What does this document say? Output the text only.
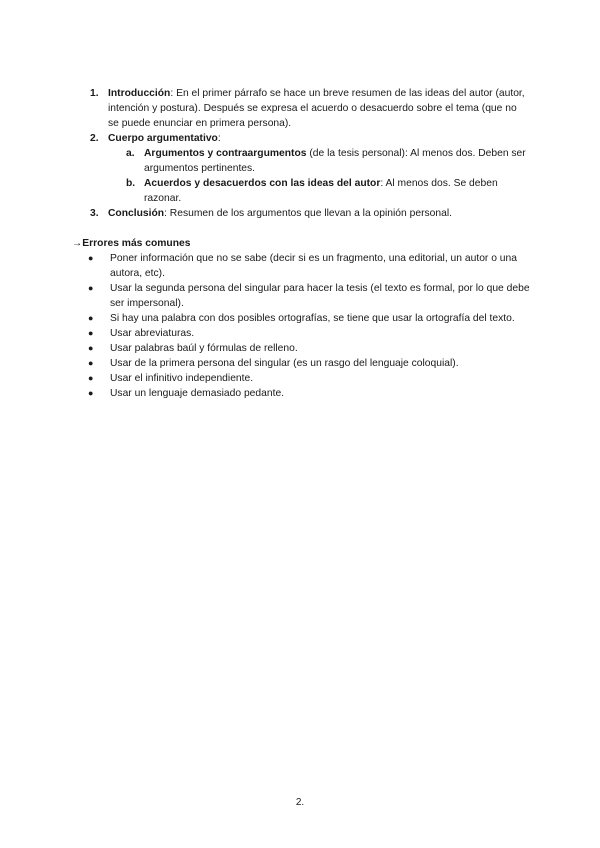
1. Introducción: En el primer párrafo se hace un breve resumen de las ideas del autor (autor, intención y postura). Después se expresa el acuerdo o desacuerdo sobre el tema (que no se puede enunciar en primera persona).
2. Cuerpo argumentativo:
a. Argumentos y contraargumentos (de la tesis personal): Al menos dos. Deben ser argumentos pertinentes.
b. Acuerdos y desacuerdos con las ideas del autor: Al menos dos. Se deben razonar.
3. Conclusión: Resumen de los argumentos que llevan a la opinión personal.
→Errores más comunes
● Poner información que no se sabe (decir si es un fragmento, una editorial, un autor o una autora, etc).
● Usar la segunda persona del singular para hacer la tesis (el texto es formal, por lo que debe ser impersonal).
● Si hay una palabra con dos posibles ortografías, se tiene que usar la ortografía del texto.
● Usar abreviaturas.
● Usar palabras baúl y fórmulas de relleno.
● Usar de la primera persona del singular (es un rasgo del lenguaje coloquial).
● Usar el infinitivo independiente.
● Usar un lenguaje demasiado pedante.
2.
